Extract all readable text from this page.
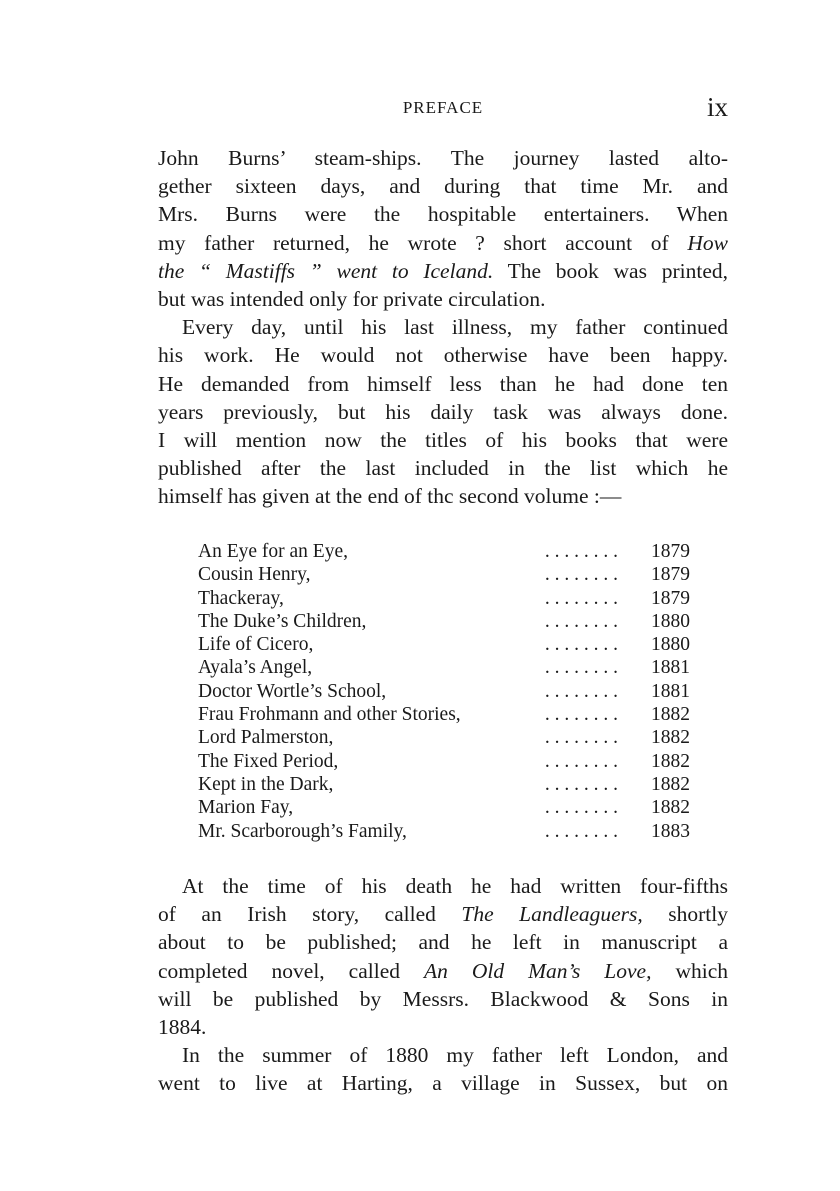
PREFACE	ix
John Burns’ steam-ships. The journey lasted alto-
gether sixteen days, and during that time Mr. and
Mrs. Burns were the hospitable entertainers. When
my father returned, he wrote ? short account of How
the “ Mastiffs ” went to Iceland. The book was printed,
but was intended only for private circulation.
Every day, until his last illness, my father continued
his work. He would not otherwise have been happy.
He demanded from himself less than he had done ten
years previously, but his daily task was always done.
I will mention now the titles of his books that were
published after the last included in the list which he
himself has given at the end of thc second volume :—
. . . . . . . .
An Eye for an Eye,	1879
. . . . . . . .
Cousin Henry,	1879
. . . . . . . .
Thackeray,	1879
. . . . . . . .
The Duke’s Children,	1880
. . . . . . . .
Life of Cicero,	1880
. . . . . . . .
Ayala’s Angel,	1881
. . . . . . . .
Doctor Wortle’s School,	1881
. . . . . . . .
Frau Frohmann and other Stories,	1882
. . . . . . . .
Lord Palmerston,	1882
. . . . . . . .
The Fixed Period,	1882
. . . . . . . .
Kept in the Dark,	1882
. . . . . . . .
Marion Fay,	1882
. . . . . . . .
Mr. Scarborough’s Family,	1883
At the time of his death he had written four-fifths
of an Irish story, called The Landleaguers, shortly
about to be published; and he left in manuscript a
completed novel, called An Old Man’s Love, which
will be published by Messrs. Blackwood & Sons in
1884.
In the summer of 1880 my father left London, and
went to live at Harting, a village in Sussex, but on
